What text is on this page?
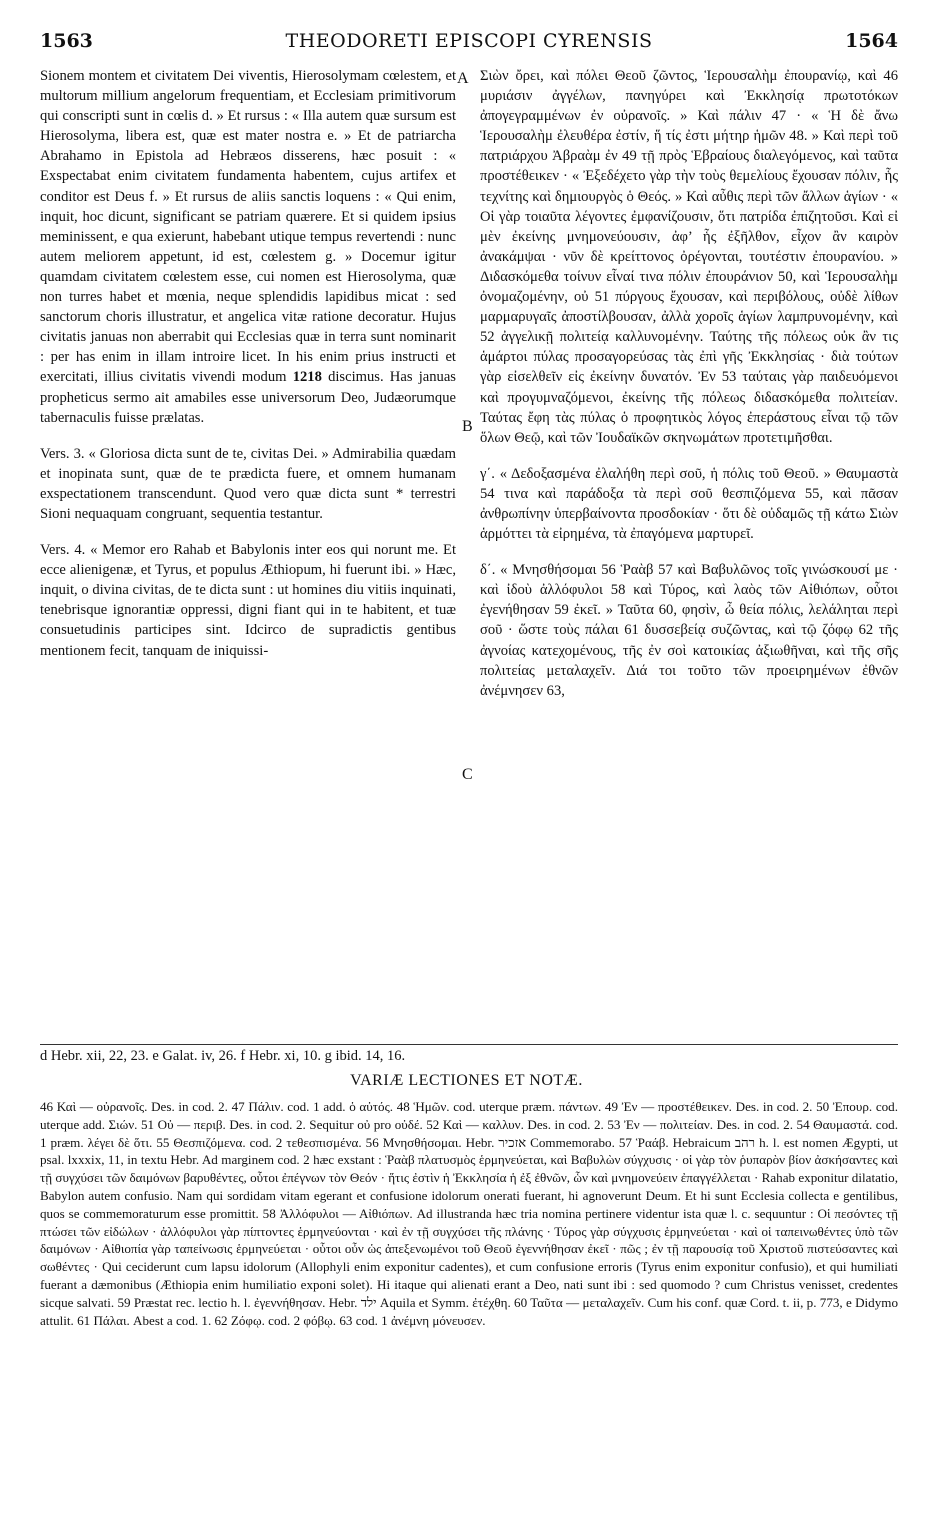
1563	THEODORETI EPISCOPI CYRENSIS	1564

Sionem montem et civitatem Dei viventis, Hierosolymam cœlestem, et multorum millium angelorum frequentiam, et Ecclesiam primitivorum qui conscripti sunt in cœlis d. » Et rursus : « Illa autem quæ sursum est Hierosolyma, libera est, quæ est mater nostra e. » Et de patriarcha Abrahamo in Epistola ad Hebræos disserens, hæc posuit : « Exspectabat enim civitatem fundamenta habentem, cujus artifex et conditor est Deus f. » Et rursus de aliis sanctis loquens : « Qui enim, inquit, hoc dicunt, significant se patriam quærere. Et si quidem ipsius meminissent, e qua exierunt, habebant utique tempus revertendi : nunc autem meliorem appetunt, id est, cœlestem g. » Docemur igitur quamdam civitatem cœlestem esse, cui nomen est Hierosolyma, quæ non turres habet et mœnia, neque splendidis lapidibus micat : sed sanctorum choris illustratur, et angelica vitæ ratione decoratur. Hujus civitatis januas non aberrabit qui Ecclesias quæ in terra sunt nominarit : per has enim in illam introire licet. In his enim prius instructi et exercitati, illius civitatis vivendi modum 1218 discimus. Has januas propheticus sermo ait amabiles esse universorum Deo, Judæorumque tabernaculis fuisse prælatas.

Vers. 3. « Gloriosa dicta sunt de te, civitas Dei. » Admirabilia quædam et inopinata sunt, quæ de te prædicta fuere, et omnem humanam exspectationem transcendunt. Quod vero quæ dicta sunt * terrestri Sioni nequaquam congruant, sequentia testantur.

Vers. 4. « Memor ero Rahab et Babylonis inter eos qui norunt me. Et ecce alienigenæ, et Tyrus, et populus Æthiopum, hi fuerunt ibi. » Hæc, inquit, o divina civitas, de te dicta sunt : ut homines diu vitiis inquinati, tenebrisque ignorantiæ oppressi, digni fiant qui in te habitent, et tuæ consuetudinis participes sint. Idcirco de supradictis gentibus mentionem fecit, tanquam de iniquissi-

A
B
C

Σιὼν ὄρει, καὶ πόλει Θεοῦ ζῶντος, Ἱερουσαλὴμ ἐπουρανίῳ, καὶ 46 μυριάσιν ἀγγέλων, πανηγύρει καὶ Ἐκκλησίᾳ πρωτοτόκων ἀπογεγραμμένων ἐν οὐρανοῖς. » Καὶ πάλιν 47 · « Ἡ δὲ ἄνω Ἱερουσαλὴμ ἐλευθέρα ἐστίν, ἥ τίς ἐστι μήτηρ ἡμῶν 48. » Καὶ περὶ τοῦ πατριάρχου Ἀβραὰμ ἐν 49 τῇ πρὸς Ἑβραίους διαλεγόμενος, καὶ ταῦτα προστέθεικεν · « Ἐξεδέχετο γὰρ τὴν τοὺς θεμελίους ἔχουσαν πόλιν, ἧς τεχνίτης καὶ δημιουργὸς ὁ Θεός. » Καὶ αὖθις περὶ τῶν ἄλλων ἁγίων · « Οἱ γὰρ τοιαῦτα λέγοντες ἐμφανίζουσιν, ὅτι πατρίδα ἐπιζητοῦσι. Καὶ εἰ μὲν ἐκείνης μνημονεύουσιν, ἀφ’ ἧς ἐξῆλθον, εἶχον ἂν καιρὸν ἀνακάμψαι · νῦν δὲ κρείττονος ὀρέγονται, τουτέστιν ἐπουρανίου. » Διδασκόμεθα τοίνυν εἶναί τινα πόλιν ἐπουράνιον 50, καὶ Ἱερουσαλὴμ ὀνομαζομένην, οὐ 51 πύργους ἔχουσαν, καὶ περιβόλους, οὐδὲ λίθων μαρμαρυγαῖς ἀποστίλβουσαν, ἀλλὰ χοροῖς ἁγίων λαμπρυνομένην, καὶ 52 ἀγγελικῇ πολιτείᾳ καλλυνομένην. Ταύτης τῆς πόλεως οὐκ ἂν τις ἁμάρτοι πύλας προσαγορεύσας τὰς ἐπὶ γῆς Ἐκκλησίας · διὰ τούτων γὰρ εἰσελθεῖν εἰς ἐκείνην δυνατόν. Ἐν 53 ταύταις γὰρ παιδευόμενοι καὶ προγυμναζόμενοι, ἐκείνης τῆς πόλεως διδασκόμεθα πολιτείαν. Ταύτας ἔφη τὰς πύλας ὁ προφητικὸς λόγος ἐπεράστους εἶναι τῷ τῶν ὅλων Θεῷ, καὶ τῶν Ἰουδαϊκῶν σκηνωμάτων προτετιμῆσθαι.

γ΄. « Δεδοξασμένα ἐλαλήθη περὶ σοῦ, ἡ πόλις τοῦ Θεοῦ. » Θαυμαστὰ 54 τινα καὶ παράδοξα τὰ περὶ σοῦ θεσπιζόμενα 55, καὶ πᾶσαν ἀνθρωπίνην ὑπερβαίνοντα προσδοκίαν · ὅτι δὲ οὐδαμῶς τῇ κάτω Σιὼν ἁρμόττει τὰ εἰρημένα, τὰ ἐπαγόμενα μαρτυρεῖ.

δ΄. « Μνησθήσομαι 56 Ῥαὰβ 57 καὶ Βαβυλῶνος τοῖς γινώσκουσί με · καὶ ἰδοὺ ἀλλόφυλοι 58 καὶ Τύρος, καὶ λαὸς τῶν Αἰθιόπων, οὗτοι ἐγενήθησαν 59 ἐκεῖ. » Ταῦτα 60, φησὶν, ὦ θεία πόλις, λελάληται περὶ σοῦ · ὥστε τοὺς πάλαι 61 δυσσεβείᾳ συζῶντας, καὶ τῷ ζόφῳ 62 τῆς ἀγνοίας κατεχομένους, τῆς ἐν σοὶ κατοικίας ἀξιωθῆναι, καὶ τῆς σῆς πολιτείας μεταλαχεῖν. Διά τοι τοῦτο τῶν προειρημένων ἐθνῶν ἀνέμνησεν 63,

d Hebr. xii, 22, 23. e Galat. iv, 26. f Hebr. xi, 10. g ibid. 14, 16.
VARIÆ LECTIONES ET NOTÆ.

46 Καὶ — οὐρανοῖς. Des. in cod. 2. 47 Πάλιν. cod. 1 add. ὁ αὐτός. 48 Ἡμῶν. cod. uterque præm. πάντων. 49 Ἐν — προστέθεικεν. Des. in cod. 2. 50 Ἐπουρ. cod. uterque add. Σιών. 51 Οὐ — περιβ. Des. in cod. 2. Sequitur οὐ pro οὐδέ. 52 Καὶ — καλλυν. Des. in cod. 2. 53 Ἐν — πολιτείαν. Des. in cod. 2. 54 Θαυμαστά. cod. 1 præm. λέγει δὲ ὅτι. 55 Θεσπιζόμενα. cod. 2 τεθεσπισμένα. 56 Μνησθήσομαι. Hebr. אזכיר Commemorabo. 57 Ῥαάβ. Hebraicum רהב h. l. est nomen Ægypti, ut psal. lxxxix, 11, in textu Hebr. Ad marginem cod. 2 hæc exstant : Ῥαὰβ πλατυσμὸς ἑρμηνεύεται, καὶ Βαβυλὼν σύγχυσις · οἱ γὰρ τὸν ῥυπαρὸν βίον ἀσκήσαντες καὶ τῇ συγχύσει τῶν δαιμόνων βαρυθέντες, οὗτοι ἐπέγνων τὸν Θεόν · ἥτις ἐστὶν ἡ Ἐκκλησία ἡ ἐξ ἐθνῶν, ὧν καὶ μνημονεύειν ἐπαγγέλλεται · Rahab exponitur dilatatio, Babylon autem confusio. Nam qui sordidam vitam egerant et confusione idolorum onerati fuerant, hi agnoverunt Deum. Et hi sunt Ecclesia collecta e gentilibus, quos se commemoraturum esse promittit. 58 Ἀλλόφυλοι — Αἰθιόπων. Ad illustranda hæc tria nomina pertinere videntur ista quæ l. c. sequuntur : Οἱ πεσόντες τῇ πτώσει τῶν εἰδώλων · ἀλλόφυλοι γὰρ πίπτοντες ἑρμηνεύονται · καὶ ἐν τῇ συγχύσει τῆς πλάνης · Τύρος γὰρ σύγχυσις ἑρμηνεύεται · καὶ οἱ ταπεινωθέντες ὑπὸ τῶν δαιμόνων · Αἰθιοπία γὰρ ταπείνωσις ἑρμηνεύεται · οὗτοι οὖν ὡς ἀπεξενωμένοι τοῦ Θεοῦ ἐγεννήθησαν ἐκεῖ · πῶς ; ἐν τῇ παρουσίᾳ τοῦ Χριστοῦ πιστεύσαντες καὶ σωθέντες · Qui ceciderunt cum lapsu idolorum (Allophyli enim exponitur cadentes), et cum confusione erroris (Tyrus enim exponitur confusio), et qui humiliati fuerant a dæmonibus (Æthiopia enim humiliatio exponi solet). Hi itaque qui alienati erant a Deo, nati sunt ibi : sed quomodo ? cum Christus venisset, credentes sicque salvati. 59 Præstat rec. lectio h. l. ἐγεννήθησαν. Hebr. ילד Aquila et Symm. ἐτέχθη. 60 Ταῦτα — μεταλαχεῖν. Cum his conf. quæ Cord. t. ii, p. 773, e Didymo attulit. 61 Πάλαι. Abest a cod. 1. 62 Ζόφῳ. cod. 2 φόβῳ. 63 cod. 1 ἀνέμνη μόνευσεν.
